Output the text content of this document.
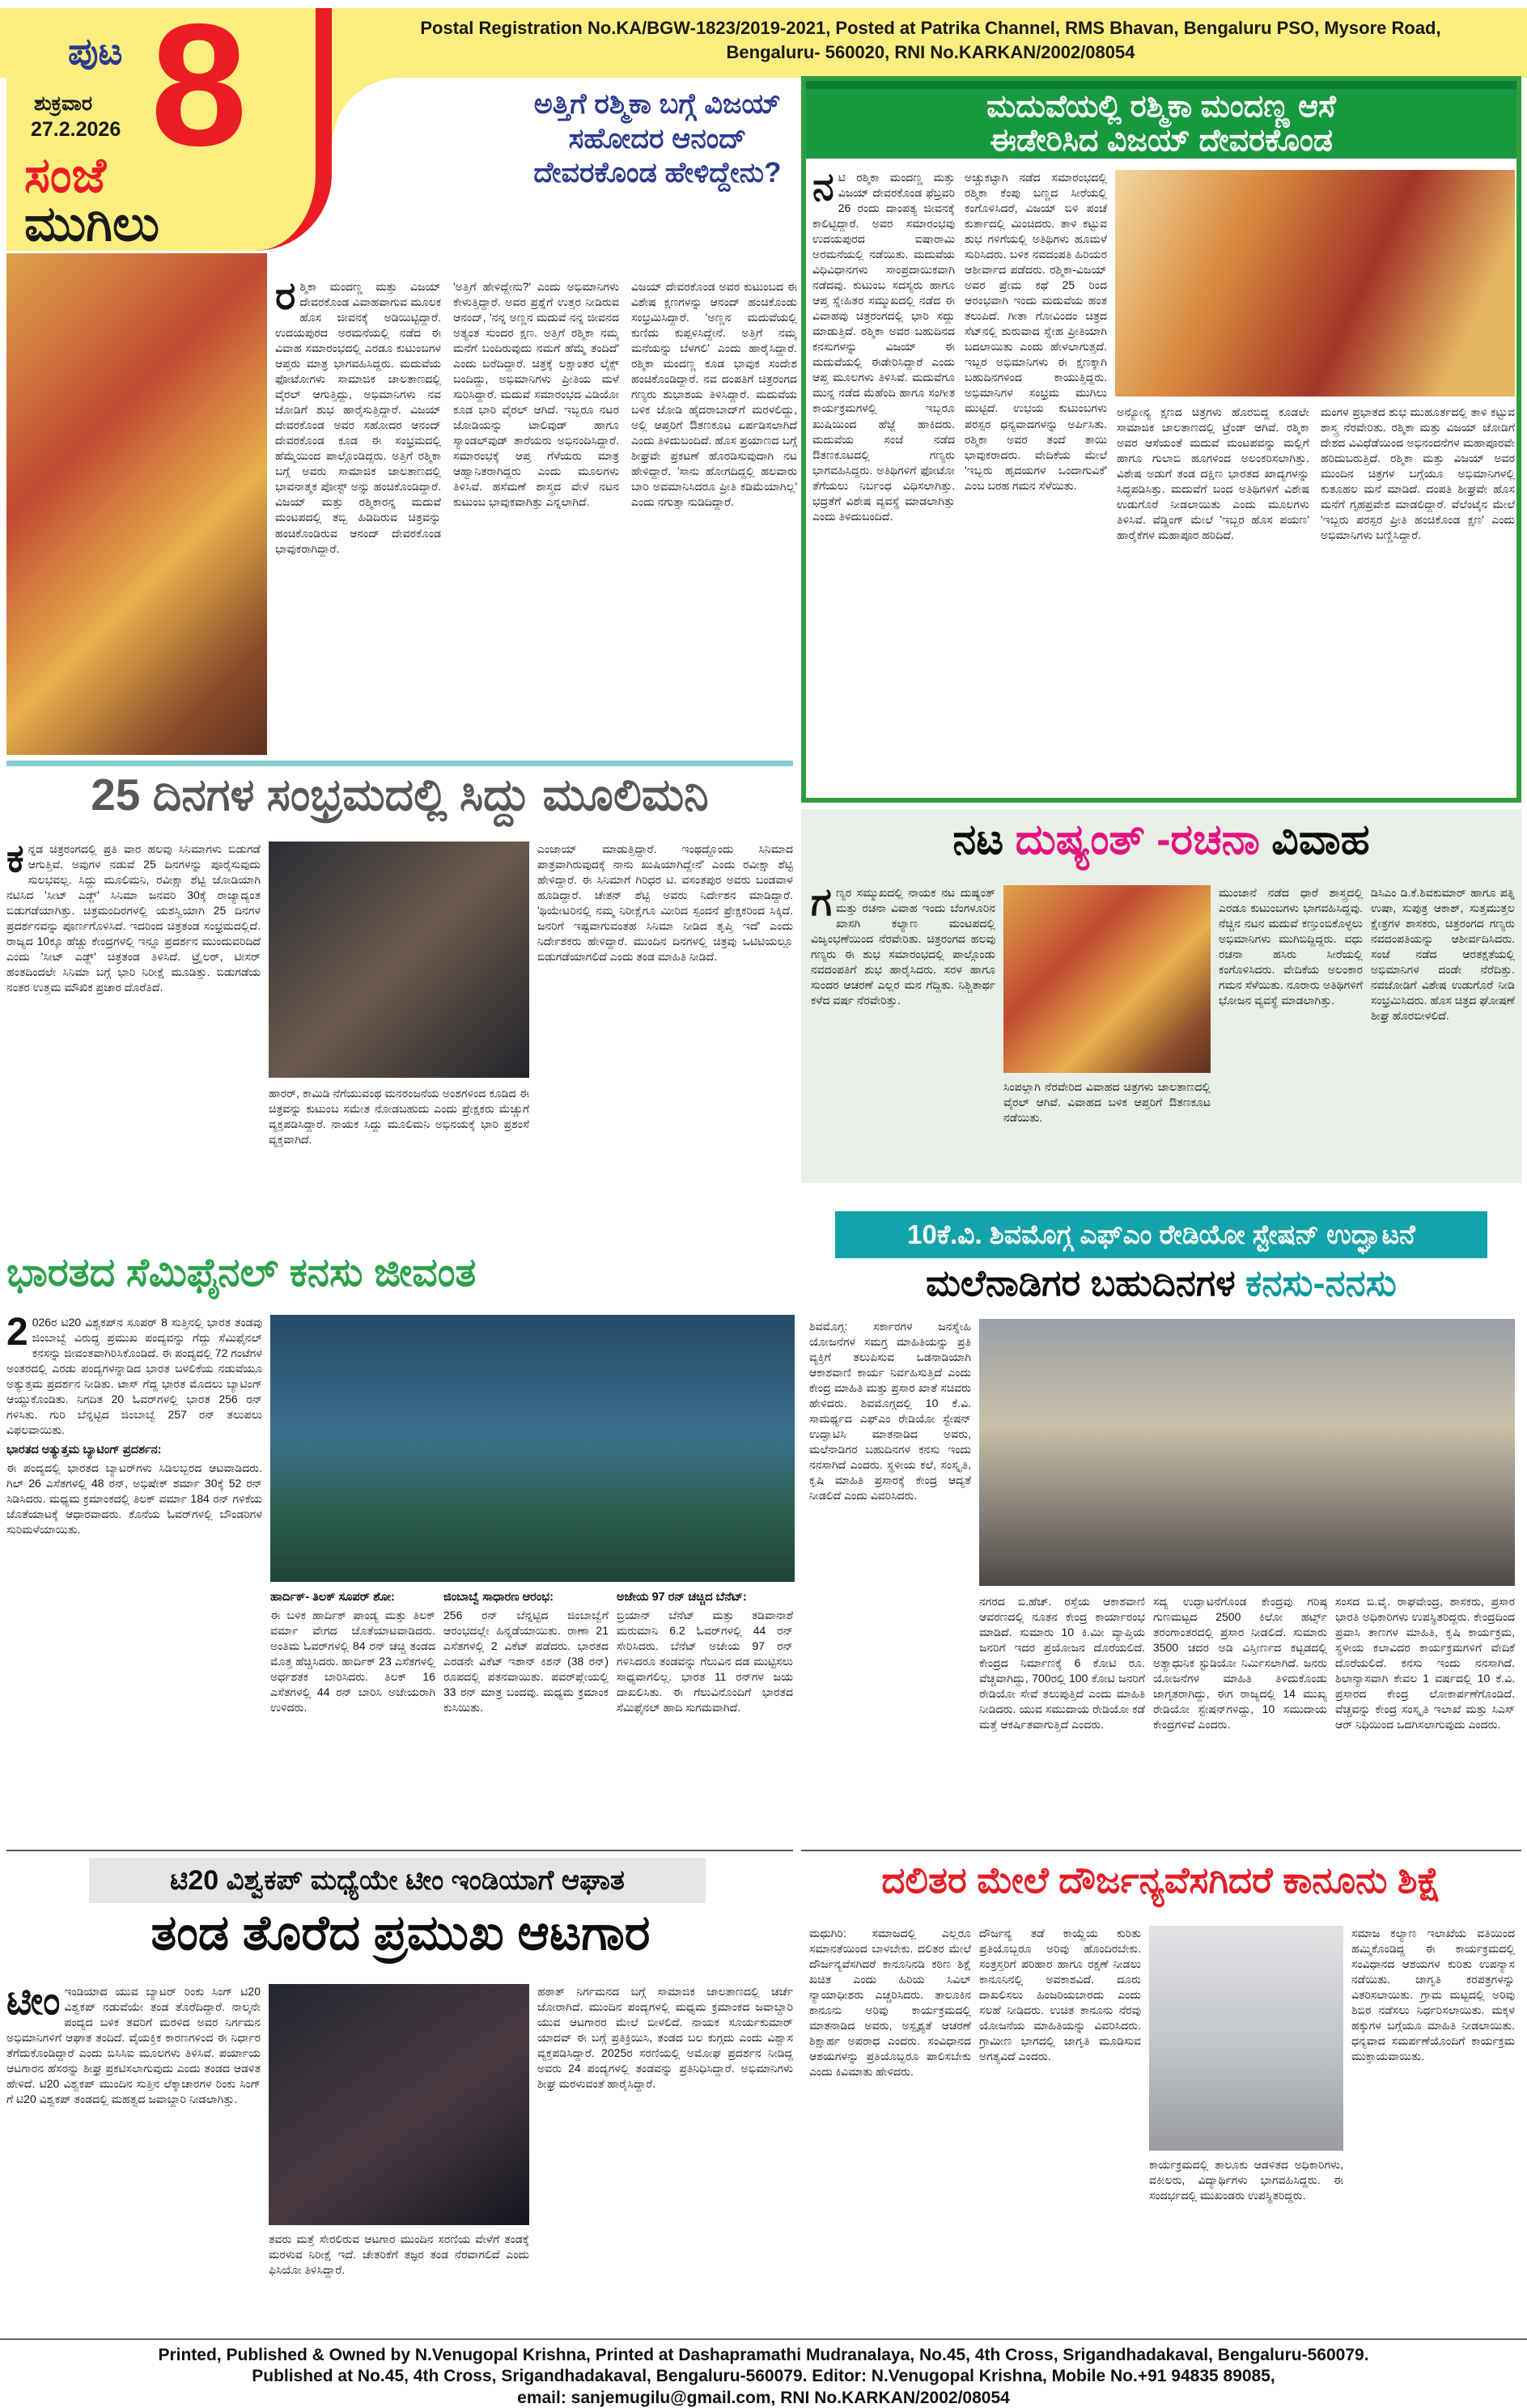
Postal Registration No.KA/BGW-1823/2019-2021, Posted at Patrika Channel, RMS Bhavan, Bengaluru PSO, Mysore Road,
Bengaluru- 560020, RNI No.KARKAN/2002/08054
ಪುಟ 8
ಶುಕ್ರವಾರ
27.2.2026
ಸಂಜೆ
ಮುಗಿಲು
ಅತ್ತಿಗೆ ರಶ್ಮಿಕಾ ಬಗ್ಗೆ ವಿಜಯ್ ಸಹೋದರ ಆನಂದ್ ದೇವರಕೊಂಡ ಹೇಳಿದ್ದೇನು?
ರಶ್ಮಿಕಾ ಮಂದಣ್ಣ ಮತ್ತು ವಿಜಯ್ ದೇವರಕೊಂಡ ವಿವಾಹವಾಗುವ ಮೂಲಕ ಹೊಸ ಜೀವನಕ್ಕೆ ಅಡಿಯಿಟ್ಟಿದ್ದಾರೆ. ಉದಯಪುರದ ಅರಮನೆಯಲ್ಲಿ ನಡೆದ ಈ ವಿವಾಹ ಸಮಾರಂಭದಲ್ಲಿ ಎರಡೂ ಕುಟುಂಬಗಳ ಆಪ್ತರು ಮಾತ್ರ ಭಾಗವಹಿಸಿದ್ದರು. ಮದುವೆಯ ಫೋಟೋಗಳು ಸಾಮಾಜಿಕ ಜಾಲತಾಣದಲ್ಲಿ ವೈರಲ್ ಆಗುತ್ತಿದ್ದು, ಅಭಿಮಾನಿಗಳು ನವ ಜೋಡಿಗೆ ಶುಭ ಹಾರೈಸುತ್ತಿದ್ದಾರೆ. ವಿಜಯ್ ದೇವರಕೊಂಡ ಅವರ ಸಹೋದರ ಆನಂದ್ ದೇವರಕೊಂಡ ಕೂಡ ಈ ಸಂಭ್ರಮದಲ್ಲಿ ಹೆಮ್ಮೆಯಿಂದ ಪಾಲ್ಗೊಂಡಿದ್ದರು. ಅತ್ತಿಗೆ ರಶ್ಮಿಕಾ ಬಗ್ಗೆ ಅವರು ಸಾಮಾಜಿಕ ಜಾಲತಾಣದಲ್ಲಿ ಭಾವನಾತ್ಮಕ ಪೋಸ್ಟ್ ಅನ್ನು ಹಂಚಿಕೊಂಡಿದ್ದಾರೆ. ವಿಜಯ್ ಮತ್ತು ರಶ್ಮಿಕಾರನ್ನ ಮದುವೆ ಮಂಟಪದಲ್ಲಿ ತಬ್ಬಿ ಹಿಡಿದಿರುವ ಚಿತ್ರವನ್ನು ಹಂಚಿಕೊಂಡಿರುವ ಆನಂದ್ ದೇವರಕೊಂಡ ಭಾವುಕರಾಗಿದ್ದಾರೆ.
'ಅತ್ತಿಗೆ ಹೇಳಿದ್ದೇನು?' ಎಂದು ಅಭಿಮಾನಿಗಳು ಕೇಳುತ್ತಿದ್ದಾರೆ. ಅವರ ಪ್ರಶ್ನೆಗೆ ಉತ್ತರ ನೀಡಿರುವ ಆನಂದ್, 'ನನ್ನ ಅಣ್ಣನ ಮದುವೆ ನನ್ನ ಜೀವನದ ಅತ್ಯಂತ ಸುಂದರ ಕ್ಷಣ. ಅತ್ತಿಗೆ ರಶ್ಮಿಕಾ ನಮ್ಮ ಮನೆಗೆ ಬಂದಿರುವುದು ನಮಗೆ ಹೆಮ್ಮೆ ತಂದಿದೆ' ಎಂದು ಬರೆದಿದ್ದಾರೆ. ಚಿತ್ರಕ್ಕೆ ಲಕ್ಷಾಂತರ ಲೈಕ್ಸ್ ಬಂದಿದ್ದು, ಅಭಿಮಾನಿಗಳು ಪ್ರೀತಿಯ ಮಳೆ ಸುರಿಸಿದ್ದಾರೆ. ಮದುವೆ ಸಮಾರಂಭದ ವಿಡಿಯೋ ಕೂಡ ಭಾರಿ ವೈರಲ್ ಆಗಿದೆ. ಇಬ್ಬರೂ ನಟರ ಜೋಡಿಯನ್ನು ಟಾಲಿವುಡ್ ಹಾಗೂ ಸ್ಯಾಂಡಲ್‌ವುಡ್ ತಾರೆಯರು ಅಭಿನಂದಿಸಿದ್ದಾರೆ. ಸಮಾರಂಭಕ್ಕೆ ಆಪ್ತ ಗೆಳೆಯರು ಮಾತ್ರ ಆಹ್ವಾನಿತರಾಗಿದ್ದರು ಎಂದು ಮೂಲಗಳು ತಿಳಿಸಿವೆ. ಹಸೆಮಣೆ ಶಾಸ್ತ್ರದ ವೇಳೆ ನಟನ ಕುಟುಂಬ ಭಾವುಕವಾಗಿತ್ತು ಎನ್ನಲಾಗಿದೆ.
ವಿಜಯ್ ದೇವರಕೊಂಡ ಅವರ ಕುಟುಂಬದ ಈ ವಿಶೇಷ ಕ್ಷಣಗಳನ್ನು ಆನಂದ್ ಹಂಚಿಕೊಂಡು ಸಂಭ್ರಮಿಸಿದ್ದಾರೆ. 'ಅಣ್ಣನ ಮದುವೆಯಲ್ಲಿ ಕುಣಿದು ಕುಪ್ಪಳಿಸಿದ್ದೇನೆ. ಅತ್ತಿಗೆ ನಮ್ಮ ಮನೆಯನ್ನು ಬೆಳಗಲಿ' ಎಂದು ಹಾರೈಸಿದ್ದಾರೆ. ರಶ್ಮಿಕಾ ಮಂದಣ್ಣ ಕೂಡ ಭಾವುಕ ಸಂದೇಶ ಹಂಚಿಕೊಂಡಿದ್ದಾರೆ. ನವ ದಂಪತಿಗೆ ಚಿತ್ರರಂಗದ ಗಣ್ಯರು ಶುಭಾಶಯ ತಿಳಿಸಿದ್ದಾರೆ. ಮದುವೆಯ ಬಳಿಕ ಜೋಡಿ ಹೈದರಾಬಾದ್‌ಗೆ ಮರಳಲಿದ್ದು, ಅಲ್ಲಿ ಆಪ್ತರಿಗೆ ಔತಣಕೂಟ ಏರ್ಪಡಿಸಲಾಗಿದೆ ಎಂದು ತಿಳಿದುಬಂದಿದೆ. ಹೊಸ ಪ್ರಯಾಣದ ಬಗ್ಗೆ ಶೀಘ್ರವೇ ಪ್ರಕಟಣೆ ಹೊರಡಿಸುವುದಾಗಿ ನಟ ಹೇಳಿದ್ದಾರೆ. 'ಸಾನು ಹೋಗದಿದ್ದಲ್ಲಿ ಹಲವಾರು ಬಾರಿ ಅವಮಾನಿಸಿದರೂ ಪ್ರೀತಿ ಕಡಿಮೆಯಾಗಿಲ್ಲ' ಎಂದು ನಗುತ್ತಾ ನುಡಿದಿದ್ದಾರೆ.
ಮದುವೆಯಲ್ಲಿ ರಶ್ಮಿಕಾ ಮಂದಣ್ಣ ಆಸೆ
ಈಡೇರಿಸಿದ ವಿಜಯ್ ದೇವರಕೊಂಡ
ನಟಿ ರಶ್ಮಿಕಾ ಮಂದಣ್ಣ ಮತ್ತು ವಿಜಯ್ ದೇವರಕೊಂಡ ಫೆಬ್ರವರಿ 26 ರಂದು ದಾಂಪತ್ಯ ಜೀವನಕ್ಕೆ ಕಾಲಿಟ್ಟಿದ್ದಾರೆ. ಅವರ ಸಮಾರಂಭವು ಉದಯಪುರದ ಐಷಾರಾಮಿ ಅರಮನೆಯಲ್ಲಿ ನಡೆಯಿತು. ಮದುವೆಯ ವಿಧಿವಿಧಾನಗಳು ಸಾಂಪ್ರದಾಯಿಕವಾಗಿ ನಡೆದವು. ಕುಟುಂಬ ಸದಸ್ಯರು ಹಾಗೂ ಆಪ್ತ ಸ್ನೇಹಿತರ ಸಮ್ಮುಖದಲ್ಲಿ ನಡೆದ ಈ ವಿವಾಹವು ಚಿತ್ರರಂಗದಲ್ಲಿ ಭಾರಿ ಸದ್ದು ಮಾಡುತ್ತಿದೆ. ರಶ್ಮಿಕಾ ಅವರ ಬಹುದಿನದ ಕನಸುಗಳನ್ನು ವಿಜಯ್ ಈ ಮದುವೆಯಲ್ಲಿ ಈಡೇರಿಸಿದ್ದಾರೆ ಎಂದು ಆಪ್ತ ಮೂಲಗಳು ತಿಳಿಸಿವೆ. ಮದುವೆಗೂ ಮುನ್ನ ನಡೆದ ಮೆಹೆಂದಿ ಹಾಗೂ ಸಂಗೀತ ಕಾರ್ಯಕ್ರಮಗಳಲ್ಲಿ ಇಬ್ಬರೂ ಖುಷಿಯಿಂದ ಹೆಜ್ಜೆ ಹಾಕಿದರು. ಮದುವೆಯ ಸಂಜೆ ನಡೆದ ಔತಣಕೂಟದಲ್ಲಿ ಗಣ್ಯರು ಭಾಗವಹಿಸಿದ್ದರು. ಅತಿಥಿಗಳಿಗೆ ಫೋಟೋ ತೆಗೆಯಲು ನಿರ್ಬಂಧ ವಿಧಿಸಲಾಗಿತ್ತು. ಭದ್ರತೆಗೆ ವಿಶೇಷ ವ್ಯವಸ್ಥೆ ಮಾಡಲಾಗಿತ್ತು ಎಂದು ತಿಳಿದುಬಂದಿದೆ.
ಅಚ್ಚುಕಟ್ಟಾಗಿ ನಡೆದ ಸಮಾರಂಭದಲ್ಲಿ ರಶ್ಮಿಕಾ ಕೆಂಪು ಬಣ್ಣದ ಸೀರೆಯಲ್ಲಿ ಕಂಗೊಳಿಸಿದರೆ, ವಿಜಯ್ ಬಿಳಿ ಪಂಚೆ ಕುರ್ತಾದಲ್ಲಿ ಮಿಂಚಿದರು. ತಾಳಿ ಕಟ್ಟುವ ಶುಭ ಗಳಿಗೆಯಲ್ಲಿ ಅತಿಥಿಗಳು ಹೂಮಳೆ ಸುರಿಸಿದರು. ಬಳಿಕ ನವದಂಪತಿ ಹಿರಿಯರ ಆಶೀರ್ವಾದ ಪಡೆದರು. ರಶ್ಮಿಕಾ-ವಿಜಯ್ ಅವರ ಪ್ರೇಮ ಕಥೆ 25 ರಿಂದ ಆರಂಭವಾಗಿ ಇಂದು ಮದುವೆಯ ಹಂತ ತಲುಪಿದೆ. ಗೀತಾ ಗೋವಿಂದಂ ಚಿತ್ರದ ಸೆಟ್‌ನಲ್ಲಿ ಶುರುವಾದ ಸ್ನೇಹ ಪ್ರೀತಿಯಾಗಿ ಬದಲಾಯಿತು ಎಂದು ಹೇಳಲಾಗುತ್ತದೆ. ಇಬ್ಬರ ಅಭಿಮಾನಿಗಳು ಈ ಕ್ಷಣಕ್ಕಾಗಿ ಬಹುದಿನಗಳಿಂದ ಕಾಯುತ್ತಿದ್ದರು. ಅಭಿಮಾನಿಗಳ ಸಂಭ್ರಮ ಮುಗಿಲು ಮುಟ್ಟಿದೆ. ಉಭಯ ಕುಟುಂಬಗಳು ಪರಸ್ಪರ ಧನ್ಯವಾದಗಳನ್ನು ಅರ್ಪಿಸಿತು. ರಶ್ಮಿಕಾ ಅವರ ತಂದೆ ತಾಯಿ ಭಾವುಕರಾದರು. ವೇದಿಕೆಯ ಮೇಲೆ 'ಇಬ್ಬರು ಹೃದಯಗಳ ಒಂದಾಗುವಿಕೆ' ಎಂಬ ಬರಹ ಗಮನ ಸೆಳೆಯಿತು.
ಅನ್ಯೋನ್ಯ ಕ್ಷಣದ ಚಿತ್ರಗಳು ಹೊರಬಿದ್ದ ಕೂಡಲೇ ಸಾಮಾಜಿಕ ಜಾಲತಾಣದಲ್ಲಿ ಟ್ರೆಂಡ್ ಆಗಿವೆ. ರಶ್ಮಿಕಾ ಅವರ ಆಸೆಯಂತೆ ಮದುವೆ ಮಂಟಪವನ್ನು ಮಲ್ಲಿಗೆ ಹಾಗೂ ಗುಲಾಬಿ ಹೂಗಳಿಂದ ಅಲಂಕರಿಸಲಾಗಿತ್ತು. ವಿಶೇಷ ಅಡುಗೆ ತಂಡ ದಕ್ಷಿಣ ಭಾರತದ ಖಾದ್ಯಗಳನ್ನು ಸಿದ್ಧಪಡಿಸಿತ್ತು. ಮದುವೆಗೆ ಬಂದ ಅತಿಥಿಗಳಿಗೆ ವಿಶೇಷ ಉಡುಗೊರೆ ನೀಡಲಾಯಿತು ಎಂದು ಮೂಲಗಳು ತಿಳಿಸಿವೆ. ವೆಡ್ಡಿಂಗ್ ಮೇಲೆ 'ಇಬ್ಬರ ಹೊಸ ಪಯಣ' ಹಾರೈಕೆಗಳ ಮಹಾಪೂರ ಹರಿದಿದೆ.
ಮಂಗಳ ಪ್ರಭಾತದ ಶುಭ ಮುಹೂರ್ತದಲ್ಲಿ ತಾಳಿ ಕಟ್ಟುವ ಶಾಸ್ತ್ರ ನೆರವೇರಿತು. ರಶ್ಮಿಕಾ ಮತ್ತು ವಿಜಯ್ ಜೋಡಿಗೆ ದೇಶದ ವಿವಿಧೆಡೆಯಿಂದ ಅಭಿನಂದನೆಗಳ ಮಹಾಪೂರವೇ ಹರಿದುಬರುತ್ತಿದೆ. ರಶ್ಮಿಕಾ ಮತ್ತು ವಿಜಯ್ ಅವರ ಮುಂದಿನ ಚಿತ್ರಗಳ ಬಗ್ಗೆಯೂ ಅಭಿಮಾನಿಗಳಲ್ಲಿ ಕುತೂಹಲ ಮನೆ ಮಾಡಿದೆ. ದಂಪತಿ ಶೀಘ್ರವೇ ಹೊಸ ಮನೆಗೆ ಗೃಹಪ್ರವೇಶ ಮಾಡಲಿದ್ದಾರೆ. ವೆಲೆಂಟೈನ ಮೇಲೆ 'ಇಬ್ಬರು ಪರಸ್ಪರ ಪ್ರೀತಿ ಹಂಚಿಕೊಂಡ ಕ್ಷಣ' ಎಂದು ಅಭಿಮಾನಿಗಳು ಬಣ್ಣಿಸಿದ್ದಾರೆ.
25 ದಿನಗಳ ಸಂಭ್ರಮದಲ್ಲಿ ಸಿದ್ದು ಮೂಲಿಮನಿ
ಕನ್ನಡ ಚಿತ್ರರಂಗದಲ್ಲಿ ಪ್ರತಿ ವಾರ ಹಲವು ಸಿನಿಮಾಗಳು ಬಿಡುಗಡೆ ಆಗುತ್ತಿವೆ. ಅವುಗಳ ನಡುವೆ 25 ದಿನಗಳನ್ನು ಪೂರೈಸುವುದು ಸುಲಭವಲ್ಲ. ಸಿದ್ದು ಮೂಲಿಮನಿ, ರವೀಕ್ಷಾ ಶೆಟ್ಟಿ ಜೋಡಿಯಾಗಿ ನಟಿಸಿದ 'ಸೀಟ್ ಎಡ್ಜ್' ಸಿನಿಮಾ ಜನವರಿ 30ಕ್ಕೆ ರಾಜ್ಯಾದ್ಯಂತ ಬಿಡುಗಡೆಯಾಗಿತ್ತು. ಚಿತ್ರಮಂದಿರಗಳಲ್ಲಿ ಯಶಸ್ವಿಯಾಗಿ 25 ದಿನಗಳ ಪ್ರದರ್ಶನವನ್ನು ಪೂರ್ಣಗೊಳಿಸಿದೆ. ಇದರಿಂದ ಚಿತ್ರತಂಡ ಸಂಭ್ರಮದಲ್ಲಿದೆ. ರಾಜ್ಯದ 10ಕ್ಕೂ ಹೆಚ್ಚು ಕೇಂದ್ರಗಳಲ್ಲಿ ಇನ್ನೂ ಪ್ರದರ್ಶನ ಮುಂದುವರಿದಿದೆ ಎಂದು 'ಸೀಟ್ ಎಡ್ಜ್' ಚಿತ್ರತಂಡ ತಿಳಿಸಿದೆ. ಟ್ರೈಲರ್, ಟೀಸರ್ ಹಂತದಿಂದಲೇ ಸಿನಿಮಾ ಬಗ್ಗೆ ಭಾರಿ ನಿರೀಕ್ಷೆ ಮೂಡಿತ್ತು. ಬಿಡುಗಡೆಯ ನಂತರ ಉತ್ತಮ ಮೌಖಿಕ ಪ್ರಚಾರ ದೊರೆತಿದೆ.
ಹಾರರ್, ಕಾಮಿಡಿ ನೆಗೆಯುವಂಥ ಮನರಂಜನೆಯ ಅಂಶಗಳಿಂದ ಕೂಡಿದ ಈ ಚಿತ್ರವನ್ನು ಕುಟುಂಬ ಸಮೇತ ನೋಡಬಹುದು ಎಂದು ಪ್ರೇಕ್ಷಕರು ಮೆಚ್ಚುಗೆ ವ್ಯಕ್ತಪಡಿಸಿದ್ದಾರೆ. ನಾಯಕ ಸಿದ್ದು ಮೂಲಿಮನಿ ಅಭಿನಯಕ್ಕೆ ಭಾರಿ ಪ್ರಶಂಸೆ ವ್ಯಕ್ತವಾಗಿದೆ.
ಎಂಜಾಯ್ ಮಾಡುತ್ತಿದ್ದಾರೆ. ಇಂಥದ್ದೊಂದು ಸಿನಿಮಾದ ಪಾತ್ರವಾಗಿರುವುದಕ್ಕೆ ನಾನು ಖುಷಿಯಾಗಿದ್ದೇನೆ' ಎಂದು ರವೀಕ್ಷಾ ಶೆಟ್ಟಿ ಹೇಳಿದ್ದಾರೆ. ಈ ಸಿನಿಮಾಗೆ ಗಿರಿಧರ ಟಿ. ವಸಂತಪುರ ಅವರು ಬಂಡವಾಳ ಹೂಡಿದ್ದಾರೆ. ಚೇತನ್ ಶೆಟ್ಟಿ ಅವರು ನಿರ್ದೇಶನ ಮಾಡಿದ್ದಾರೆ. 'ಥಿಯೇಟರಿನಲ್ಲಿ ನಮ್ಮ ನಿರೀಕ್ಷೆಗೂ ಮೀರಿದ ಸ್ಪಂದನೆ ಪ್ರೇಕ್ಷಕರಿಂದ ಸಿಕ್ಕಿದೆ. ಜನರಿಗೆ ಇಷ್ಟವಾಗುವಂತಹ ಸಿನಿಮಾ ನೀಡಿದ ತೃಪ್ತಿ ಇದೆ' ಎಂದು ನಿರ್ದೇಶಕರು ಹೇಳಿದ್ದಾರೆ. ಮುಂದಿನ ದಿನಗಳಲ್ಲಿ ಚಿತ್ರವು ಒಟಿಟಿಯಲ್ಲೂ ಬಿಡುಗಡೆಯಾಗಲಿದೆ ಎಂದು ತಂಡ ಮಾಹಿತಿ ನೀಡಿದೆ.
ನಟ ದುಷ್ಯಂತ್ -ರಚನಾ ವಿವಾಹ
ಗಣ್ಯರ ಸಮ್ಮುಖದಲ್ಲಿ ನಾಯಕ ನಟ ದುಷ್ಯಂತ್ ಮತ್ತು ರಚನಾ ವಿವಾಹ ಇಂದು ಬೆಂಗಳೂರಿನ ಖಾಸಗಿ ಕಲ್ಯಾಣ ಮಂಟಪದಲ್ಲಿ ವಿಜೃಂಭಣೆಯಿಂದ ನೆರವೇರಿತು. ಚಿತ್ರರಂಗದ ಹಲವು ಗಣ್ಯರು ಈ ಶುಭ ಸಮಾರಂಭದಲ್ಲಿ ಪಾಲ್ಗೊಂಡು ನವದಂಪತಿಗೆ ಶುಭ ಹಾರೈಸಿದರು. ಸರಳ ಹಾಗೂ ಸುಂದರ ಆಚರಣೆ ಎಲ್ಲರ ಮನ ಗೆದ್ದಿತು. ನಿಶ್ಚಿತಾರ್ಥ ಕಳೆದ ವರ್ಷ ನೆರವೇರಿತ್ತು.
ಸಿಂಪಲ್ಲಾಗಿ ನೆರವೇರಿದ ವಿವಾಹದ ಚಿತ್ರಗಳು ಜಾಲತಾಣದಲ್ಲಿ ವೈರಲ್ ಆಗಿವೆ. ವಿವಾಹದ ಬಳಿಕ ಆಪ್ತರಿಗೆ ಔತಣಕೂಟ ನಡೆಯಿತು.
ಮುಂಜಾನೆ ನಡೆದ ಧಾರೆ ಶಾಸ್ತ್ರದಲ್ಲಿ ಎರಡೂ ಕುಟುಂಬಗಳು ಭಾಗವಹಿಸಿದ್ದವು. ನೆಚ್ಚಿನ ನಟನ ಮದುವೆ ಕಣ್ತುಂಬಿಕೊಳ್ಳಲು ಅಭಿಮಾನಿಗಳು ಮುಗಿಬಿದ್ದಿದ್ದರು. ವಧು ರಚನಾ ಹಸಿರು ಸೀರೆಯಲ್ಲಿ ಕಂಗೊಳಿಸಿದರು. ವೇದಿಕೆಯ ಅಲಂಕಾರ ಗಮನ ಸೆಳೆಯಿತು. ನೂರಾರು ಅತಿಥಿಗಳಿಗೆ ಭೋಜನ ವ್ಯವಸ್ಥೆ ಮಾಡಲಾಗಿತ್ತು.
ಡಿಸಿಎಂ ಡಿ.ಕೆ.ಶಿವಕುಮಾರ್ ಹಾಗೂ ಪತ್ನಿ ಉಷಾ, ಸುಪುತ್ರ ಆಕಾಶ್, ಸುತ್ತಮುತ್ತಲ ಕ್ಷೇತ್ರಗಳ ಶಾಸಕರು, ಚಿತ್ರರಂಗದ ಗಣ್ಯರು ನವದಂಪತಿಯನ್ನು ಆಶೀರ್ವದಿಸಿದರು. ಸಂಜೆ ನಡೆದ ಆರತಕ್ಷತೆಯಲ್ಲಿ ಅಭಿಮಾನಿಗಳ ದಂಡೇ ನೆರೆದಿತ್ತು. ನವಜೋಡಿಗೆ ವಿಶೇಷ ಉಡುಗೊರೆ ನೀಡಿ ಸಂಭ್ರಮಿಸಿದರು. ಹೊಸ ಚಿತ್ರದ ಘೋಷಣೆ ಶೀಘ್ರ ಹೊರಬೀಳಲಿದೆ.
ಭಾರತದ ಸೆಮಿಫೈನಲ್ ಕನಸು ಜೀವಂತ

2 026ರ ಟಿ20 ವಿಶ್ವಕಪ್‌ನ ಸೂಪರ್ 8 ಸುತ್ತಿನಲ್ಲಿ ಭಾರತ ತಂಡವು ಜಿಂಬಾಬ್ವೆ ವಿರುದ್ಧ ಪ್ರಮುಖ ಪಂದ್ಯವನ್ನು ಗೆದ್ದು ಸೆಮಿಫೈನಲ್ ಕನಸನ್ನು ಜೀವಂತವಾಗಿರಿಸಿಕೊಂಡಿದೆ. ಈ ಪಂದ್ಯದಲ್ಲಿ 72 ಗಂಟೆಗಳ ಅಂತರದಲ್ಲಿ ಎರಡು ಪಂದ್ಯಗಳನ್ನಾಡಿದ ಭಾರತ ಬಳಲಿಕೆಯ ನಡುವೆಯೂ ಅತ್ಯುತ್ತಮ ಪ್ರದರ್ಶನ ನೀಡಿತು. ಟಾಸ್ ಗೆದ್ದ ಭಾರತ ಮೊದಲು ಬ್ಯಾಟಿಂಗ್ ಆಯ್ದುಕೊಂಡಿತು. ನಿಗದಿತ 20 ಓವರ್‌ಗಳಲ್ಲಿ ಭಾರತ 256 ರನ್ ಗಳಿಸಿತು. ಗುರಿ ಬೆನ್ನಟ್ಟಿದ ಜಿಂಬಾಬ್ವೆ 257 ರನ್ ತಲುಪಲು ವಿಫಲವಾಯಿತು.

ಭಾರತದ ಅತ್ಯುತ್ತಮ ಬ್ಯಾಟಿಂಗ್ ಪ್ರದರ್ಶನ:
ಈ ಪಂದ್ಯದಲ್ಲಿ ಭಾರತದ ಬ್ಯಾಟರ್‌ಗಳು ಸಿಡಿಲಬ್ಬರದ ಆಟವಾಡಿದರು. ಗಿಲ್ 26 ಎಸೆತಗಳಲ್ಲಿ 48 ರನ್, ಅಭಿಷೇಕ್ ಶರ್ಮಾ 30ಕ್ಕೆ 52 ರನ್ ಸಿಡಿಸಿದರು. ಮಧ್ಯಮ ಕ್ರಮಾಂಕದಲ್ಲಿ ತಿಲಕ್ ವರ್ಮಾ 184 ರನ್ ಗಳಿಕೆಯ ಜೊತೆಯಾಟಕ್ಕೆ ಆಧಾರವಾದರು. ಕೊನೆಯ ಓವರ್‌ಗಳಲ್ಲಿ ಬೌಂಡರಿಗಳ ಸುರಿಮಳೆಯಾಯಿತು.
ಹಾರ್ದಿಕ್- ತಿಲಕ್ ಸೂಪರ್ ಶೋ:
ಈ ಬಳಿಕ ಹಾರ್ದಿಕ್ ಪಾಂಡ್ಯ ಮತ್ತು ತಿಲಕ್ ವರ್ಮಾ ವೇಗದ ಜೊತೆಯಾಟವಾಡಿದರು. ಅಂತಿಮ ಓವರ್‌ಗಳಲ್ಲಿ 84 ರನ್ ಚಚ್ಚಿ ತಂಡದ ಮೊತ್ತ ಹೆಚ್ಚಿಸಿದರು. ಹಾರ್ದಿಕ್ 23 ಎಸೆತಗಳಲ್ಲಿ ಅರ್ಧಶತಕ ಬಾರಿಸಿದರು. ತಿಲಕ್ 16 ಎಸೆತಗಳಲ್ಲಿ 44 ರನ್ ಬಾರಿಸಿ ಅಜೇಯರಾಗಿ ಉಳಿದರು.
ಜಿಂಬಾಬ್ವೆ ಸಾಧಾರಣ ಆರಂಭ:
256 ರನ್ ಬೆನ್ನಟ್ಟಿದ ಜಿಂಬಾಬ್ವೆಗೆ ಆರಂಭದಲ್ಲೇ ಹಿನ್ನಡೆಯಾಯಿತು. ರಾಣಾ 21 ಎಸೆತಗಳಲ್ಲಿ 2 ವಿಕೆಟ್ ಪಡೆದರು. ಭಾರತದ ಎರಡನೇ ವಿಕೆಟ್ ಇಶಾನ್ ಕಿಶನ್ (38 ರನ್) ರೂಪದಲ್ಲಿ ಪತನವಾಯಿತು. ಪವರ್‌ಪ್ಲೇಯಲ್ಲಿ 33 ರನ್ ಮಾತ್ರ ಬಂದವು. ಮಧ್ಯಮ ಕ್ರಮಾಂಕ ಕುಸಿಯಿತು.
ಅಜೇಯ 97 ರನ್ ಚಚ್ಚಿದ ಬೆನೆಟ್:
ಬ್ರಿಯಾನ್ ಬೆನೆಟ್ ಮತ್ತು ತಡಿವಾನಾಶೆ ಮರುಮಾನಿ 6.2 ಓವರ್‌ಗಳಲ್ಲಿ 44 ರನ್ ಸೇರಿಸಿದರು. ಬೆನೆಟ್ ಅಜೇಯ 97 ರನ್ ಗಳಿಸಿದರೂ ತಂಡವನ್ನು ಗೆಲುವಿನ ದಡ ಮುಟ್ಟಿಸಲು ಸಾಧ್ಯವಾಗಲಿಲ್ಲ. ಭಾರತ 11 ರನ್‌ಗಳ ಜಯ ದಾಖಲಿಸಿತು. ಈ ಗೆಲುವಿನೊಂದಿಗೆ ಭಾರತದ ಸೆಮಿಫೈನಲ್ ಹಾದಿ ಸುಗಮವಾಗಿದೆ.
10ಕೆ.ವಿ. ಶಿವಮೊಗ್ಗ ಎಫ್ಎಂ ರೇಡಿಯೋ ಸ್ಟೇಷನ್ ಉದ್ಘಾಟನೆ
ಮಲೆನಾಡಿಗರ ಬಹುದಿನಗಳ ಕನಸು-ನನಸು
ಶಿವಮೊಗ್ಗ: ಸರ್ಕಾರಗಳ ಜನಸ್ನೇಹಿ ಯೋಜನೆಗಳ ಸಮಗ್ರ ಮಾಹಿತಿಯನ್ನು ಪ್ರತಿ ವ್ಯಕ್ತಿಗೆ ತಲುಪಿಸುವ ಒಡನಾಡಿಯಾಗಿ ಆಕಾಶವಾಣಿ ಕಾರ್ಯ ನಿರ್ವಹಿಸುತ್ತಿದೆ ಎಂದು ಕೇಂದ್ರ ಮಾಹಿತಿ ಮತ್ತು ಪ್ರಸಾರ ಖಾತೆ ಸಚಿವರು ಹೇಳಿದರು. ಶಿವಮೊಗ್ಗದಲ್ಲಿ 10 ಕೆ.ವಿ. ಸಾಮರ್ಥ್ಯದ ಎಫ್‌ಎಂ ರೇಡಿಯೋ ಸ್ಟೇಷನ್ ಉದ್ಘಾಟಿಸಿ ಮಾತನಾಡಿದ ಅವರು, ಮಲೆನಾಡಿಗರ ಬಹುದಿನಗಳ ಕನಸು ಇಂದು ನನಸಾಗಿದೆ ಎಂದರು. ಸ್ಥಳೀಯ ಕಲೆ, ಸಂಸ್ಕೃತಿ, ಕೃಷಿ ಮಾಹಿತಿ ಪ್ರಸಾರಕ್ಕೆ ಕೇಂದ್ರ ಆದ್ಯತೆ ನೀಡಲಿದೆ ಎಂದು ವಿವರಿಸಿದರು.
ನಗರದ ಬಿ.ಹೆಚ್. ರಸ್ತೆಯ ಆಕಾಶವಾಣಿ ಆವರಣದಲ್ಲಿ ನೂತನ ಕೇಂದ್ರ ಕಾರ್ಯಾರಂಭ ಮಾಡಿದೆ. ಸುಮಾರು 10 ಕಿ.ಮೀ ವ್ಯಾಪ್ತಿಯ ಜನರಿಗೆ ಇದರ ಪ್ರಯೋಜನ ದೊರೆಯಲಿದೆ. ಕೇಂದ್ರದ ನಿರ್ಮಾಣಕ್ಕೆ 6 ಕೋಟಿ ರೂ. ವೆಚ್ಚವಾಗಿದ್ದು, 700ರಲ್ಲಿ 100 ಕೋಟಿ ಜನರಿಗೆ ರೇಡಿಯೋ ಸೇವೆ ತಲುಪುತ್ತಿದೆ ಎಂದು ಮಾಹಿತಿ ನೀಡಿದರು. ಯುವ ಸಮುದಾಯ ರೇಡಿಯೋ ಕಡೆ ಮತ್ತೆ ಆಕರ್ಷಿತವಾಗುತ್ತಿದೆ ಎಂದರು.
ಸದ್ಯ ಉದ್ಘಾಟನೆಗೊಂಡ ಕೇಂದ್ರವು ಗರಿಷ್ಠ ಗುಣಮಟ್ಟದ 2500 ಕಿಲೋ ಹರ್ಟ್ಸ್ ತರಂಗಾಂತರದಲ್ಲಿ ಪ್ರಸಾರ ನೀಡಲಿದೆ. ಸುಮಾರು 3500 ಚದರ ಅಡಿ ವಿಸ್ತೀರ್ಣದ ಕಟ್ಟಡದಲ್ಲಿ ಅತ್ಯಾಧುನಿಕ ಸ್ಟುಡಿಯೋ ನಿರ್ಮಿಸಲಾಗಿದೆ. ಜನರು ಯೋಜನೆಗಳ ಮಾಹಿತಿ ತಿಳಿದುಕೊಂಡು ಜಾಗೃತರಾಗಿದ್ದು, ಈಗ ರಾಜ್ಯದಲ್ಲಿ 14 ಮುಖ್ಯ ರೇಡಿಯೋ ಸ್ಟೇಷನ್‌ಗಳಿದ್ದು, 10 ಸಮುದಾಯ ಕೇಂದ್ರಗಳಿವೆ ಎಂದರು.
ಸಂಸದ ಬಿ.ವೈ. ರಾಘವೇಂದ್ರ, ಶಾಸಕರು, ಪ್ರಸಾರ ಭಾರತಿ ಅಧಿಕಾರಿಗಳು ಉಪಸ್ಥಿತರಿದ್ದರು. ಕೇಂದ್ರದಿಂದ ಪ್ರವಾಸಿ ತಾಣಗಳ ಮಾಹಿತಿ, ಕೃಷಿ ಕಾರ್ಯಕ್ರಮ, ಸ್ಥಳೀಯ ಕಲಾವಿದರ ಕಾರ್ಯಕ್ರಮಗಳಿಗೆ ವೇದಿಕೆ ದೊರೆಯಲಿದೆ. ಕನಸು ಇಂದು ನನಸಾಗಿದೆ. ಶಿಲಾನ್ಯಾಸವಾಗಿ ಕೇವಲ 1 ವರ್ಷದಲ್ಲಿ 10 ಕೆ.ವಿ. ಪ್ರಸಾರದ ಕೇಂದ್ರ ಲೋಕಾರ್ಪಣೆಗೊಂಡಿದೆ. ವೆಚ್ಚವನ್ನು ಕೇಂದ್ರ ಸಂಸ್ಕೃತಿ ಇಲಾಖೆ ಮತ್ತು ಸಿಎಸ್ ಆರ್ ನಿಧಿಯಿಂದ ಒದಗಿಸಲಾಗುವುದು ಎಂದರು.
ಟಿ20 ವಿಶ್ವಕಪ್ ಮಧ್ಯೆಯೇ ಟೀಂ ಇಂಡಿಯಾಗೆ ಆಘಾತ
ತಂಡ ತೊರೆದ ಪ್ರಮುಖ ಆಟಗಾರ
ಟೀಂಇಂಡಿಯಾದ ಯುವ ಬ್ಯಾಟರ್ ರಿಂಕು ಸಿಂಗ್ ಟಿ20 ವಿಶ್ವಕಪ್ ನಡುವೆಯೇ ತಂಡ ತೊರೆದಿದ್ದಾರೆ. ನಾಲ್ಕನೇ ಪಂದ್ಯದ ಬಳಿಕ ತವರಿಗೆ ಮರಳಿದ ಅವರ ನಿರ್ಗಮನ ಅಭಿಮಾನಿಗಳಿಗೆ ಆಘಾತ ತಂದಿದೆ. ವೈಯಕ್ತಿಕ ಕಾರಣಗಳಿಂದ ಈ ನಿರ್ಧಾರ ತೆಗೆದುಕೊಂಡಿದ್ದಾರೆ ಎಂದು ಬಿಸಿಸಿಐ ಮೂಲಗಳು ತಿಳಿಸಿವೆ. ಪರ್ಯಾಯ ಆಟಗಾರನ ಹೆಸರನ್ನು ಶೀಘ್ರ ಪ್ರಕಟಿಸಲಾಗುವುದು ಎಂದು ತಂಡದ ಆಡಳಿತ ಹೇಳಿದೆ. ಟಿ20 ವಿಶ್ವಕಪ್ ಮುಂದಿನ ಸುತ್ತಿನ ಲೆಕ್ಕಾಚಾರಗಳ ರಿಂಕು ಸಿಂಗ್ ಗೆ ಟಿ20 ವಿಶ್ವಕಪ್ ತಂಡದಲ್ಲಿ ಮಹತ್ವದ ಜವಾಬ್ದಾರಿ ನೀಡಲಾಗಿತ್ತು.
ತವರು ಮತ್ತೆ ಸೇರಲಿರುವ ಆಟಗಾರ ಮುಂದಿನ ಸರಣಿಯ ವೇಳೆಗೆ ತಂಡಕ್ಕೆ ಮರಳುವ ನಿರೀಕ್ಷೆ ಇದೆ. ಚೇತರಿಕೆಗೆ ತಜ್ಞರ ತಂಡ ನೆರವಾಗಲಿದೆ ಎಂದು ಫಿಸಿಯೋ ತಿಳಿಸಿದ್ದಾರೆ.
ಹಠಾತ್ ನಿರ್ಗಮನದ ಬಗ್ಗೆ ಸಾಮಾಜಿಕ ಜಾಲತಾಣದಲ್ಲಿ ಚರ್ಚೆ ಜೋರಾಗಿದೆ. ಮುಂದಿನ ಪಂದ್ಯಗಳಲ್ಲಿ ಮಧ್ಯಮ ಕ್ರಮಾಂಕದ ಜವಾಬ್ದಾರಿ ಯುವ ಆಟಗಾರರ ಮೇಲೆ ಬೀಳಲಿದೆ. ನಾಯಕ ಸೂರ್ಯಕುಮಾರ್ ಯಾದವ್ ಈ ಬಗ್ಗೆ ಪ್ರತಿಕ್ರಿಯಿಸಿ, ತಂಡದ ಬಲ ಕುಗ್ಗದು ಎಂದು ವಿಶ್ವಾಸ ವ್ಯಕ್ತಪಡಿಸಿದ್ದಾರೆ. 2025ರ ಸರಣಿಯಲ್ಲಿ ಅಮೋಘ ಪ್ರದರ್ಶನ ನೀಡಿದ್ದ ಅವರು 24 ಪಂದ್ಯಗಳಲ್ಲಿ ತಂಡವನ್ನು ಪ್ರತಿನಿಧಿಸಿದ್ದಾರೆ. ಅಭಿಮಾನಿಗಳು ಶೀಘ್ರ ಮರಳುವಂತೆ ಹಾರೈಸಿದ್ದಾರೆ.
ದಲಿತರ ಮೇಲೆ ದೌರ್ಜನ್ಯವೆಸಗಿದರೆ ಕಾನೂನು ಶಿಕ್ಷೆ
ಮಧುಗಿರಿ: ಸಮಾಜದಲ್ಲಿ ಎಲ್ಲರೂ ಸಮಾನತೆಯಿಂದ ಬಾಳಬೇಕು. ದಲಿತರ ಮೇಲೆ ದೌರ್ಜನ್ಯವೆಸಗಿದರೆ ಕಾನೂನಿನಡಿ ಕಠಿಣ ಶಿಕ್ಷೆ ಖಚಿತ ಎಂದು ಹಿರಿಯ ಸಿವಿಲ್ ನ್ಯಾಯಾಧೀಶರು ಎಚ್ಚರಿಸಿದರು. ತಾಲೂಕಿನ ಕಾನೂನು ಅರಿವು ಕಾರ್ಯಕ್ರಮದಲ್ಲಿ ಮಾತನಾಡಿದ ಅವರು, ಅಸ್ಪೃಶ್ಯತೆ ಆಚರಣೆ ಶಿಕ್ಷಾರ್ಹ ಅಪರಾಧ ಎಂದರು. ಸಂವಿಧಾನದ ಆಶಯಗಳನ್ನು ಪ್ರತಿಯೊಬ್ಬರೂ ಪಾಲಿಸಬೇಕು ಎಂದು ಕಿವಿಮಾತು ಹೇಳಿದರು.
ದೌರ್ಜನ್ಯ ತಡೆ ಕಾಯ್ದೆಯ ಕುರಿತು ಪ್ರತಿಯೊಬ್ಬರೂ ಅರಿವು ಹೊಂದಿರಬೇಕು. ಸಂತ್ರಸ್ತರಿಗೆ ಪರಿಹಾರ ಹಾಗೂ ರಕ್ಷಣೆ ನೀಡಲು ಕಾನೂನಿನಲ್ಲಿ ಅವಕಾಶವಿದೆ. ದೂರು ದಾಖಲಿಸಲು ಹಿಂಜರಿಯಬಾರದು ಎಂದು ಸಲಹೆ ನೀಡಿದರು. ಉಚಿತ ಕಾನೂನು ನೆರವು ಯೋಜನೆಯ ಮಾಹಿತಿಯನ್ನು ವಿವರಿಸಿದರು. ಗ್ರಾಮೀಣ ಭಾಗದಲ್ಲಿ ಜಾಗೃತಿ ಮೂಡಿಸುವ ಅಗತ್ಯವಿದೆ ಎಂದರು.
ಕಾರ್ಯಕ್ರಮದಲ್ಲಿ ತಾಲೂಕು ಆಡಳಿತದ ಅಧಿಕಾರಿಗಳು, ವಕೀಲರು, ವಿದ್ಯಾರ್ಥಿಗಳು ಭಾಗವಹಿಸಿದ್ದರು. ಈ ಸಂದರ್ಭದಲ್ಲಿ ಮುಖಂಡರು ಉಪಸ್ಥಿತರಿದ್ದರು.
ಸಮಾಜ ಕಲ್ಯಾಣ ಇಲಾಖೆಯ ವತಿಯಿಂದ ಹಮ್ಮಿಕೊಂಡಿದ್ದ ಈ ಕಾರ್ಯಕ್ರಮದಲ್ಲಿ ಸಂವಿಧಾನದ ಆಶಯಗಳ ಕುರಿತು ಉಪನ್ಯಾಸ ನಡೆಯಿತು. ಜಾಗೃತಿ ಕರಪತ್ರಗಳನ್ನು ವಿತರಿಸಲಾಯಿತು. ಗ್ರಾಮ ಮಟ್ಟದಲ್ಲಿ ಅರಿವು ಶಿಬಿರ ನಡೆಸಲು ನಿರ್ಧರಿಸಲಾಯಿತು. ಮಕ್ಕಳ ಹಕ್ಕುಗಳ ಬಗ್ಗೆಯೂ ಮಾಹಿತಿ ನೀಡಲಾಯಿತು. ಧನ್ಯವಾದ ಸಮರ್ಪಣೆಯೊಂದಿಗೆ ಕಾರ್ಯಕ್ರಮ ಮುಕ್ತಾಯವಾಯಿತು.
Printed, Published & Owned by N.Venugopal Krishna, Printed at Dashapramathi Mudranalaya, No.45, 4th Cross, Srigandhadakaval, Bengaluru-560079.
Published at No.45, 4th Cross, Srigandhadakaval, Bengaluru-560079. Editor: N.Venugopal Krishna, Mobile No.+91 94835 89085,
email: sanjemugilu@gmail.com, RNI No.KARKAN/2002/08054
